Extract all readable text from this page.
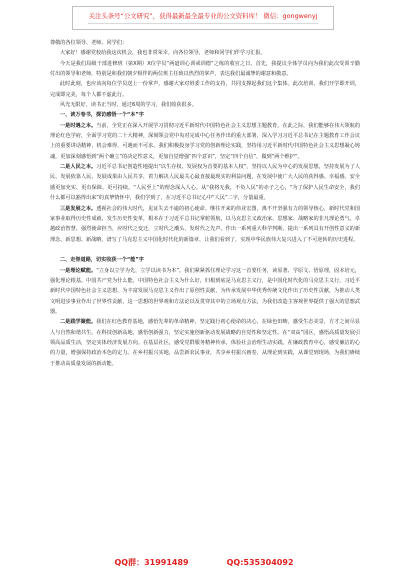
关注头条号“公文研究”，获得最新最全最专业的公文资料库！ 微信：gongwenyj

尊敬的各位领导、老师、同学们：

大家好！感谢党校给我这次机会，我也非常荣幸，向各位领导，老师和同学们作学习汇报。

今天是我们局级干部进修班（第X期）X位学员“两道训心训戒训德”之练的收官之日。首先，我提议全体学员向为我们此次受训辛勤付出的领导和老师，特别是和我们朝夕相伴的两位班主任致以热烈的掌声，表达我们最诚挚的谢意和敬意。

此时此刻，也应该向每位学员送上一份掌声，感谢大家对班委工作的支持，共同支撑起我们这个集体。此次培训，我们开学即开训，完成即完美，每个人都不虚此行。

风光无限好，读书正当时，通过6周的学习，我们收获很多。

一、读万卷书，探访感悟一个“本”字

一是时遇之本。当前，全党正在深入开展学习贯彻习近平新时代中国特色社会主义思想主题教育。在此之际，我们能够在伟大领航的理论红色学府，全面学习党的二十大精神，深刻领会党中央对完成中心任务作出的重大部署，深入学习习近平总书记在主题教育工作会议上的重要讲话精神，机会难得，可遇而不可求。我们积极投身学习党的创新理论实践，坚持用习近平新时代中国特色社会主义思想凝心铸魂，更加深刻感悟到“两个确立”的决定性意义，更加自觉增强“四个意识”，坚定“四个自信”，做到“两个维护”。

二是人民之本。习近平总书记创造性地提出“以生存权、发展权为首要的基本人权”，坚持以人民为中心的发展思想，坚持发展为了人民、发展依靠人民、发展成果由人民共享，着力解决人民最关心最直接最现实的利益问题，在发展中使广大人民的获得感、幸福感、安全感更加充实、更有保障、更可持续。“人民至上”的理念深入人心。从“我将无我，不负人民”的赤子之心，“为了保护人民生命安全，我们什么都可以豁得出来”的真挚情怀中，我们学到了，在习近平总书记心中“人民”二字，分量最重。

三是发展之本。透视社会的伟大时代，见证失去不逾的初心使命。继往开来的伟业宏图，离不开坚强有力的领导核心，新时代党和国家事业取得历史性成就、发生历史性变革，根本在于习近平总书记掌舵领航，以马克思主义政治家、思想家、战略家的非凡理论勇气、卓越政治智慧、强烈使命担当，应时代之变迁，立时代之潮头，发时代之先声。作出一系列重大科学判断，提出一系列具有开创性意义的新理念、新思想、新战略，谱写了马克思主义中国化时代化的新篇章，让我们看到了，实现中华民族伟大复兴进入了不可逆转的历史进程。

二、走脊道路，切实收获一个“能”字

一是理论赋能。“立身以立学为先，立学以读书为本”。我们紧紧抓住理论学习这一首要任务，读原著、学原文、悟原理，固本培元，强化理论根基。中国共产党为什么能，中国特色社会主义为什么好，归根到底是马克思主义行，是中国化时代化的马克思主义行。习近平新时代中国特色社会主义思想，为丰富发展马克思主义作出了原创性贡献，为传承发展中华优秀传统文化作出了历史性贡献，为推动人类文明进步事业作出了世界性贡献，这一思想的世界观和方法论以及贯穿其中的立场观点方法，为我们改造主客观世界提供了强大的思想武器。

二是践学聚能。我们在红色教育基地，感悟先辈的革命精神，坚定践行初心使命的决心，在绿色田畴，感受生态美景，方才之间尽显人与自然和谐共生。在科技创新高地，感悟创新强力，坚定实施创新驱动发展战略的自觉性和坚定性。在“双高”园区，感悟高质量发展引领高品质生活，坚定实体经济发展方向。在基层社区，感受党群服务精神传承，体验社会治理生动实践。在廉政教育中心，感受廉洁的心的力量，增强保持政治本色的定力。在乡村振兴实地，品尝新农民事业，共享乡村振兴画卷，从理论到实践，从课堂到现场，为我们赓续于推动高质量发展的新动能。

QQ群：31991489	QQ:535304092
